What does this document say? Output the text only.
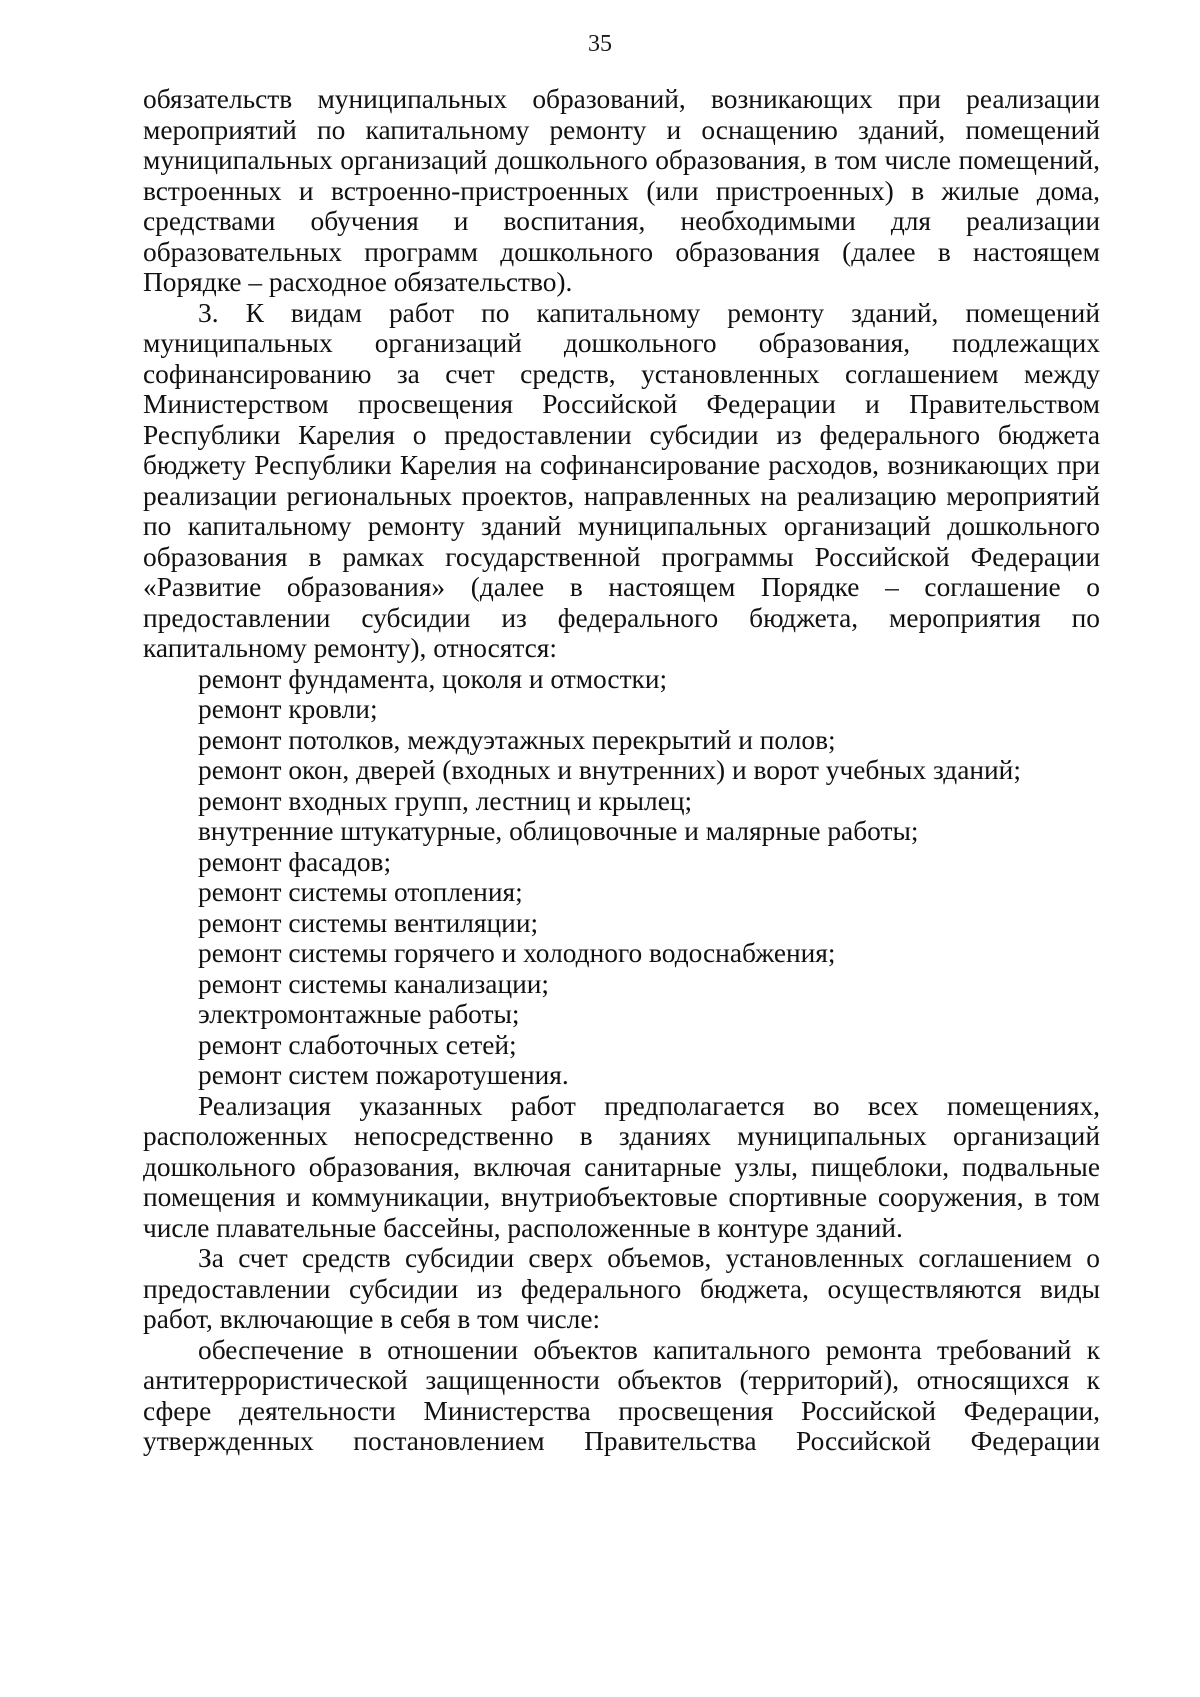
35

обязательств муниципальных образований, возникающих при реализации мероприятий по капитальному ремонту и оснащению зданий, помещений муниципальных организаций дошкольного образования, в том числе помещений, встроенных и встроенно-пристроенных (или пристроенных) в жилые дома, средствами обучения и воспитания, необходимыми для реализации образовательных программ дошкольного образования (далее в настоящем Порядке – расходное обязательство).

3. К видам работ по капитальному ремонту зданий, помещений муниципальных организаций дошкольного образования, подлежащих софинансированию за счет средств, установленных соглашением между Министерством просвещения Российской Федерации и Правительством Республики Карелия о предоставлении субсидии из федерального бюджета бюджету Республики Карелия на софинансирование расходов, возникающих при реализации региональных проектов, направленных на реализацию мероприятий по капитальному ремонту зданий муниципальных организаций дошкольного образования в рамках государственной программы Российской Федерации «Развитие образования» (далее в настоящем Порядке – соглашение о предоставлении субсидии из федерального бюджета, мероприятия по капитальному ремонту), относятся:

ремонт фундамента, цоколя и отмостки;

ремонт кровли;

ремонт потолков, междуэтажных перекрытий и полов;

ремонт окон, дверей (входных и внутренних) и ворот учебных зданий;

ремонт входных групп, лестниц и крылец;

внутренние штукатурные, облицовочные и малярные работы;

ремонт фасадов;

ремонт системы отопления;

ремонт системы вентиляции;

ремонт системы горячего и холодного водоснабжения;

ремонт системы канализации;

электромонтажные работы;

ремонт слаботочных сетей;

ремонт систем пожаротушения.

Реализация указанных работ предполагается во всех помещениях, расположенных непосредственно в зданиях муниципальных организаций дошкольного образования, включая санитарные узлы, пищеблоки, подвальные помещения и коммуникации, внутриобъектовые спортивные сооружения, в том числе плавательные бассейны, расположенные в контуре зданий.

За счет средств субсидии сверх объемов, установленных соглашением о предоставлении субсидии из федерального бюджета, осуществляются виды работ, включающие в себя в том числе:

обеспечение в отношении объектов капитального ремонта требований к антитеррористической защищенности объектов (территорий), относящихся к сфере деятельности Министерства просвещения Российской Федерации, утвержденных постановлением Правительства Российской Федерации
